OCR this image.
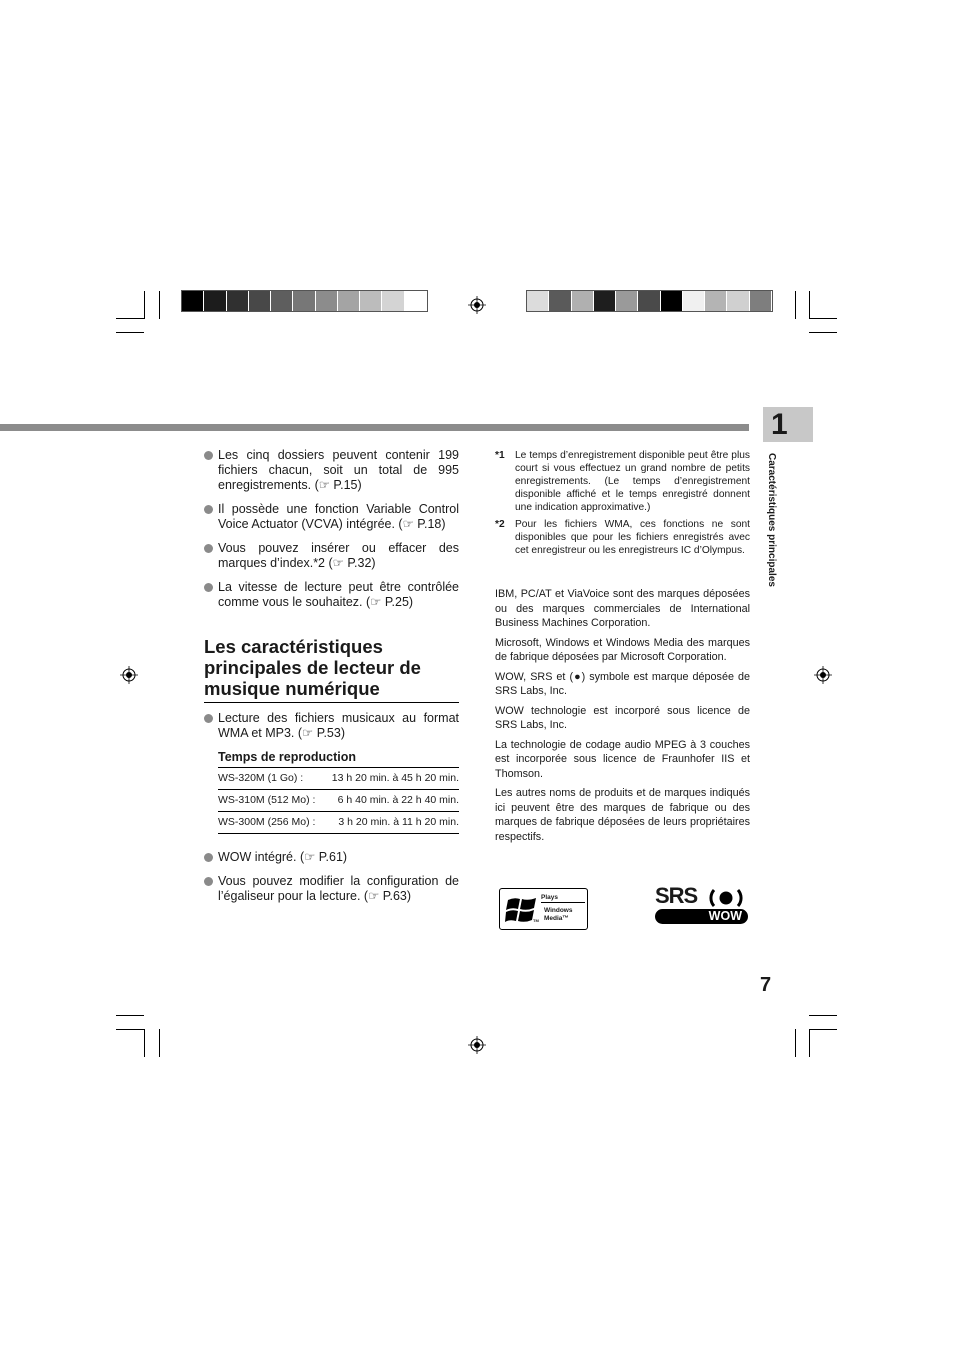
1
Caractéristiques principales
Les cinq dossiers peuvent contenir 199 fichiers chacun, soit un total de 995 enregistrements. (☞ P.15)
Il possède une fonction Variable Control Voice Actuator (VCVA) intégrée. (☞ P.18)
Vous pouvez insérer ou effacer des marques d’index.*2 (☞ P.32)
La vitesse de lecture peut être contrôlée comme vous le souhaitez. (☞ P.25)
Les caractéristiques principales de lecteur de musique numérique
Lecture des fichiers musicaux au format WMA et MP3. (☞ P.53)
Temps de reproduction
WS-320M (1 Go) :	13 h 20 min. à 45 h 20 min.
WS-310M (512 Mo) :	6 h 40 min. à 22 h 40 min.
WS-300M (256 Mo) :	3 h 20 min. à 11 h 20 min.
WOW intégré. (☞ P.61)
Vous pouvez modifier la configuration de l’égaliseur pour la lecture. (☞ P.63)
*1 Le temps d’enregistrement disponible peut être plus court si vous effectuez un grand nombre de petits enregistrements. (Le temps d’enregistrement disponible affiché et le temps enregistré donnent une indication approximative.)
*2 Pour les fichiers WMA, ces fonctions ne sont disponibles que pour les fichiers enregistrés avec cet enregistreur ou les enregistreurs IC d’Olympus.
IBM, PC/AT et ViaVoice sont des marques déposées ou des marques commerciales de International Business Machines Corporation.
Microsoft, Windows et Windows Media des marques de fabrique déposées par Microsoft Corporation.
WOW, SRS et (●) symbole est marque déposée de SRS Labs, Inc.
WOW technologie est incorporé sous licence de SRS Labs, Inc.
La technologie de codage audio MPEG à 3 couches est incorporée sous licence de Fraunhofer IIS et Thomson.
Les autres noms de produits et de marques indiqués ici peuvent être des marques de fabrique ou des marques de fabrique déposées de leurs propriétaires respectifs.
TM
Plays
Windows
Media™
SRS
WOW
7
